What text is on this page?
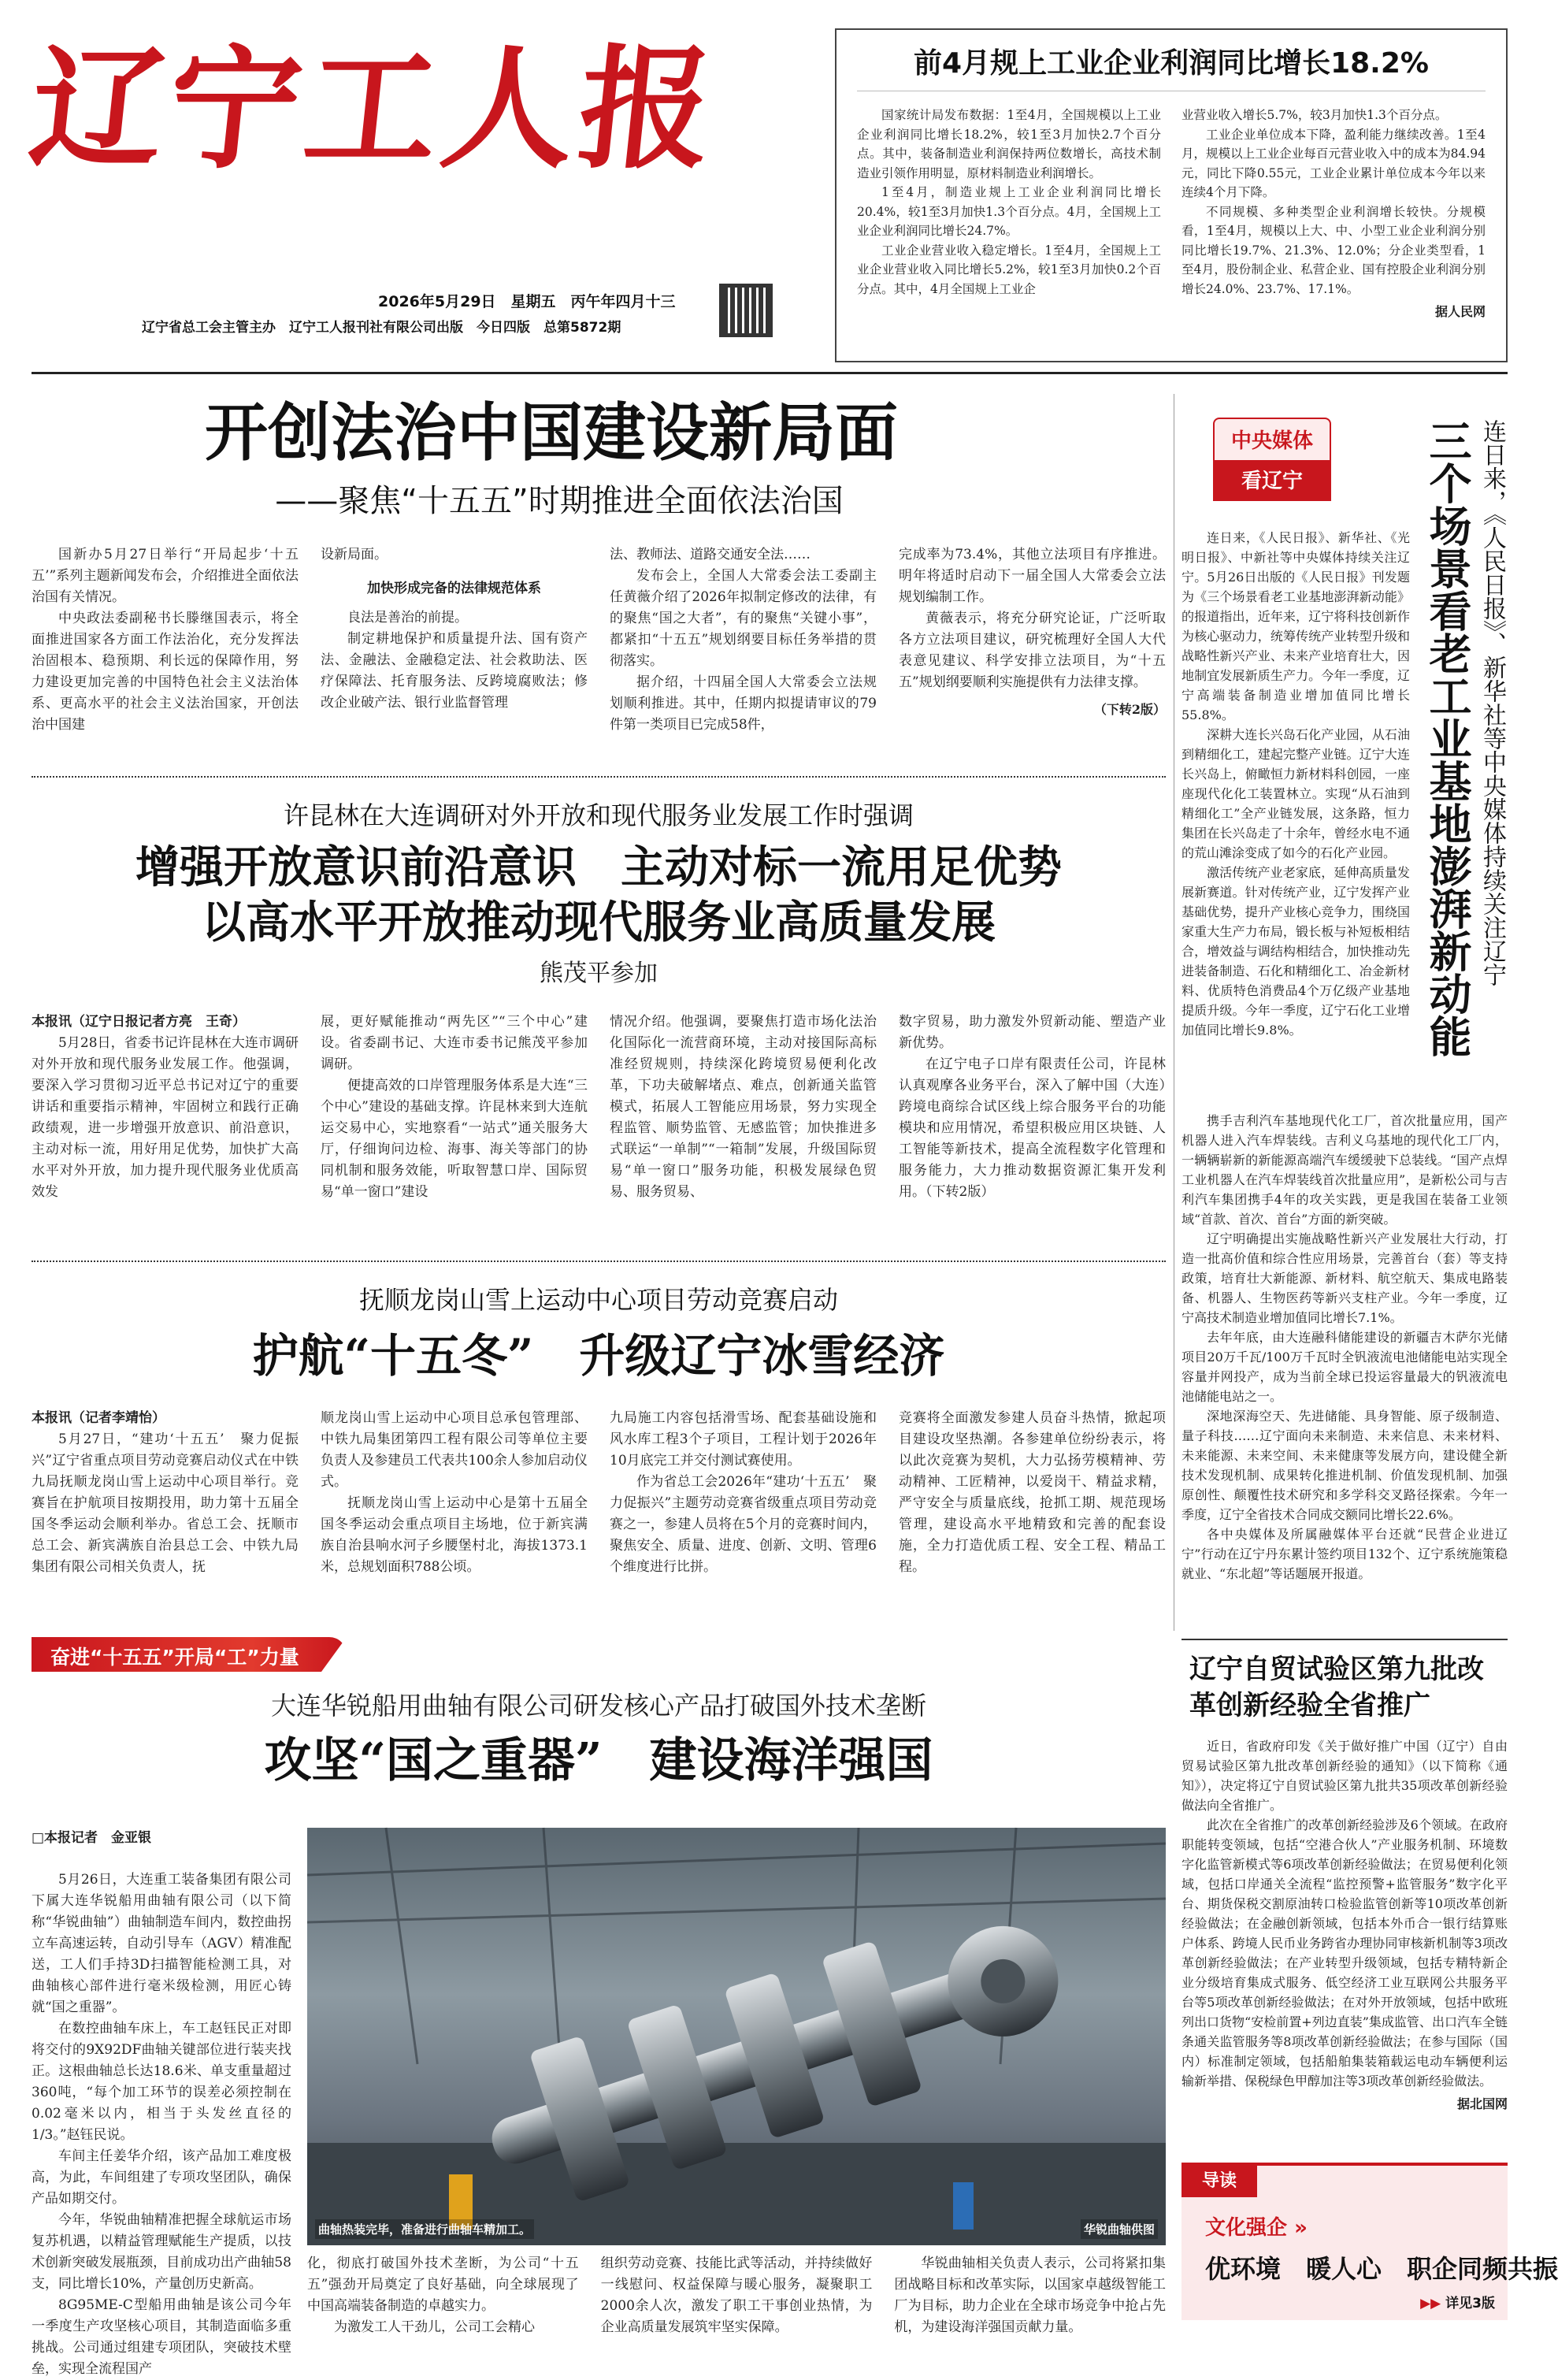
辽宁工人报
2026年5月29日　星期五　丙午年四月十三
辽宁省总工会主管主办　辽宁工人报刊社有限公司出版　今日四版　总第5872期
前4月规上工业企业利润同比增长18.2%

国家统计局发布数据：1至4月，全国规模以上工业企业利润同比增长18.2%，较1至3月加快2.7个百分点。其中，装备制造业利润保持两位数增长，高技术制造业引领作用明显，原材料制造业利润增长。

1至4月，制造业规上工业企业利润同比增长20.4%，较1至3月加快1.3个百分点。4月，全国规上工业企业利润同比增长24.7%。

工业企业营业收入稳定增长。1至4月，全国规上工业企业营业收入同比增长5.2%，较1至3月加快0.2个百分点。其中，4月全国规上工业企

业营业收入增长5.7%，较3月加快1.3个百分点。

工业企业单位成本下降，盈利能力继续改善。1至4月，规模以上工业企业每百元营业收入中的成本为84.94元，同比下降0.55元，工业企业累计单位成本今年以来连续4个月下降。

不同规模、多种类型企业利润增长较快。分规模看，1至4月，规模以上大、中、小型工业企业利润分别同比增长19.7%、21.3%、12.0%；分企业类型看，1至4月，股份制企业、私营企业、国有控股企业利润分别增长24.0%、23.7%、17.1%。

据人民网

开创法治中国建设新局面
——聚焦“十五五”时期推进全面依法治国

国新办5月27日举行“开局起步‘十五五’”系列主题新闻发布会，介绍推进全面依法治国有关情况。

中央政法委副秘书长滕继国表示，将全面推进国家各方面工作法治化，充分发挥法治固根本、稳预期、利长远的保障作用，努力建设更加完善的中国特色社会主义法治体系、更高水平的社会主义法治国家，开创法治中国建

设新局面。

加快形成完备的法律规范体系

良法是善治的前提。

制定耕地保护和质量提升法、国有资产法、金融法、金融稳定法、社会救助法、医疗保障法、托育服务法、反跨境腐败法；修改企业破产法、银行业监督管理

法、教师法、道路交通安全法……

发布会上，全国人大常委会法工委副主任黄薇介绍了2026年拟制定修改的法律，有的聚焦“国之大者”，有的聚焦“关键小事”，都紧扣“十五五”规划纲要目标任务举措的贯彻落实。

据介绍，十四届全国人大常委会立法规划顺利推进。其中，任期内拟提请审议的79件第一类项目已完成58件，

完成率为73.4%，其他立法项目有序推进。明年将适时启动下一届全国人大常委会立法规划编制工作。

黄薇表示，将充分研究论证，广泛听取各方立法项目建议，研究梳理好全国人大代表意见建议、科学安排立法项目，为“十五五”规划纲要顺利实施提供有力法律支撑。

（下转2版）

许昆林在大连调研对外开放和现代服务业发展工作时强调
增强开放意识前沿意识　主动对标一流用足优势
以高水平开放推动现代服务业高质量发展
熊茂平参加

本报讯（辽宁日报记者方亮　王奇）

5月28日，省委书记许昆林在大连市调研对外开放和现代服务业发展工作。他强调，要深入学习贯彻习近平总书记对辽宁的重要讲话和重要指示精神，牢固树立和践行正确政绩观，进一步增强开放意识、前沿意识，主动对标一流，用好用足优势，加快扩大高水平对外开放，加力提升现代服务业优质高效发

展，更好赋能推动“两先区”“三个中心”建设。省委副书记、大连市委书记熊茂平参加调研。

便捷高效的口岸管理服务体系是大连“三个中心”建设的基础支撑。许昆林来到大连航运交易中心，实地察看“一站式”通关服务大厅，仔细询问边检、海事、海关等部门的协同机制和服务效能，听取智慧口岸、国际贸易“单一窗口”建设

情况介绍。他强调，要聚焦打造市场化法治化国际化一流营商环境，主动对接国际高标准经贸规则，持续深化跨境贸易便利化改革，下功夫破解堵点、难点，创新通关监管模式，拓展人工智能应用场景，努力实现全程监管、顺势监管、无感监管；加快推进多式联运“一单制”“一箱制”发展，升级国际贸易“单一窗口”服务功能，积极发展绿色贸易、服务贸易、

数字贸易，助力激发外贸新动能、塑造产业新优势。

在辽宁电子口岸有限责任公司，许昆林认真观摩各业务平台，深入了解中国（大连）跨境电商综合试区线上综合服务平台的功能模块和应用情况，希望积极应用区块链、人工智能等新技术，提高全流程数字化管理和服务能力，大力推动数据资源汇集开发利用。（下转2版）

抚顺龙岗山雪上运动中心项目劳动竞赛启动
护航“十五冬”　升级辽宁冰雪经济

本报讯（记者李靖怡）

5月27日，“建功‘十五五’　聚力促振兴”辽宁省重点项目劳动竞赛启动仪式在中铁九局抚顺龙岗山雪上运动中心项目举行。竞赛旨在护航项目按期投用，助力第十五届全国冬季运动会顺利举办。省总工会、抚顺市总工会、新宾满族自治县总工会、中铁九局集团有限公司相关负责人，抚

顺龙岗山雪上运动中心项目总承包管理部、中铁九局集团第四工程有限公司等单位主要负责人及参建员工代表共100余人参加启动仪式。

抚顺龙岗山雪上运动中心是第十五届全国冬季运动会重点项目主场地，位于新宾满族自治县响水河子乡腰堡村北，海拔1373.1米，总规划面积788公顷。

九局施工内容包括滑雪场、配套基础设施和风水库工程3个子项目，工程计划于2026年10月底完工并交付测试赛使用。

作为省总工会2026年“建功‘十五五’　聚力促振兴”主题劳动竞赛省级重点项目劳动竞赛之一，参建人员将在5个月的竞赛时间内，聚焦安全、质量、进度、创新、文明、管理6个维度进行比拼。

竞赛将全面激发参建人员奋斗热情，掀起项目建设攻坚热潮。各参建单位纷纷表示，将以此次竞赛为契机，大力弘扬劳模精神、劳动精神、工匠精神，以爱岗干、精益求精，严守安全与质量底线，抢抓工期、规范现场管理，建设高水平地精致和完善的配套设施，全力打造优质工程、安全工程、精品工程。

奋进“十五五”开局“工”力量
大连华锐船用曲轴有限公司研发核心产品打破国外技术垄断
攻坚“国之重器”　建设海洋强国

□本报记者　金亚银

5月26日，大连重工装备集团有限公司下属大连华锐船用曲轴有限公司（以下简称“华锐曲轴”）曲轴制造车间内，数控曲拐立车高速运转，自动引导车（AGV）精准配送，工人们手持3D扫描智能检测工具，对曲轴核心部件进行毫米级检测，用匠心铸就“国之重器”。

在数控曲轴车床上，车工赵钰民正对即将交付的9X92DF曲轴关键部位进行装夹找正。这根曲轴总长达18.6米、单支重量超过360吨，“每个加工环节的误差必须控制在0.02毫米以内，相当于头发丝直径的1/3。”赵钰民说。

车间主任姜华介绍，该产品加工难度极高，为此，车间组建了专项攻坚团队，确保产品如期交付。

今年，华锐曲轴精准把握全球航运市场复苏机遇，以精益管理赋能生产提质，以技术创新突破发展瓶颈，目前成功出产曲轴58支，同比增长10%，产量创历史新高。

8G95ME-C型船用曲轴是该公司今年一季度生产攻坚核心项目，其制造面临多重挑战。公司通过组建专项团队，突破技术壁垒，实现全流程国产

曲轴热装完毕，准备进行曲轴车精加工。	华锐曲轴供图

化，彻底打破国外技术垄断，为公司“十五五”强劲开局奠定了良好基础，向全球展现了中国高端装备制造的卓越实力。

为激发工人干劲儿，公司工会精心

组织劳动竞赛、技能比武等活动，并持续做好一线慰问、权益保障与暖心服务，凝聚职工2000余人次，激发了职工干事创业热情，为企业高质量发展筑牢坚实保障。

华锐曲轴相关负责人表示，公司将紧扣集团战略目标和改革实际，以国家卓越级智能工厂为目标，助力企业在全球市场竞争中抢占先机，为建设海洋强国贡献力量。

中央媒体
看辽宁	连日来，《人民日报》、新华社等中央媒体持续关注辽宁
三个场景看老工业基地澎湃新动能

连日来，《人民日报》、新华社、《光明日报》、中新社等中央媒体持续关注辽宁。5月26日出版的《人民日报》刊发题为《三个场景看老工业基地澎湃新动能》的报道指出，近年来，辽宁将科技创新作为核心驱动力，统筹传统产业转型升级和战略性新兴产业、未来产业培育壮大，因地制宜发展新质生产力。今年一季度，辽宁高端装备制造业增加值同比增长55.8%。

深耕大连长兴岛石化产业园，从石油到精细化工，建起完整产业链。辽宁大连长兴岛上，俯瞰恒力新材料科创园，一座座现代化化工装置林立。实现“从石油到精细化工”全产业链发展，这条路，恒力集团在长兴岛走了十余年，曾经水电不通的荒山滩涂变成了如今的石化产业园。

激活传统产业老家底，延伸高质量发展新赛道。针对传统产业，辽宁发挥产业基础优势，提升产业核心竞争力，围绕国家重大生产力布局，锻长板与补短板相结合，增效益与调结构相结合，加快推动先进装备制造、石化和精细化工、冶金新材料、优质特色消费品4个万亿级产业基地提质升级。今年一季度，辽宁石化工业增加值同比增长9.8%。

携手吉利汽车基地现代化工厂，首次批量应用，国产机器人进入汽车焊装线。吉利义乌基地的现代化工厂内，一辆辆崭新的新能源高端汽车缓缓驶下总装线。“国产点焊工业机器人在汽车焊装线首次批量应用”，是新松公司与吉利汽车集团携手4年的攻关实践，更是我国在装备工业领域“首款、首次、首台”方面的新突破。

辽宁明确提出实施战略性新兴产业发展壮大行动，打造一批高价值和综合性应用场景，完善首台（套）等支持政策，培育壮大新能源、新材料、航空航天、集成电路装备、机器人、生物医药等新兴支柱产业。今年一季度，辽宁高技术制造业增加值同比增长7.1%。

去年年底，由大连融科储能建设的新疆吉木萨尔光储项目20万千瓦/100万千瓦时全钒液流电池储能电站实现全容量并网投产，成为当前全球已投运容量最大的钒液流电池储能电站之一。

深地深海空天、先进储能、具身智能、原子级制造、量子科技……辽宁面向未来制造、未来信息、未来材料、未来能源、未来空间、未来健康等发展方向，建设健全新技术发现机制、成果转化推进机制、价值发现机制、加强原创性、颠覆性技术研究和多学科交叉路径探索。今年一季度，辽宁全省技术合同成交额同比增长22.6%。

各中央媒体及所属融媒体平台还就“民营企业进辽宁”行动在辽宁丹东累计签约项目132个、辽宁系统施策稳就业、“东北超”等话题展开报道。

辽宁自贸试验区第九批改革创新经验全省推广

近日，省政府印发《关于做好推广中国（辽宁）自由贸易试验区第九批改革创新经验的通知》（以下简称《通知》），决定将辽宁自贸试验区第九批共35项改革创新经验做法向全省推广。

此次在全省推广的改革创新经验涉及6个领域。在政府职能转变领域，包括“空港合伙人”产业服务机制、环境数字化监管新模式等6项改革创新经验做法；在贸易便利化领域，包括口岸通关全流程“监控预警+监管服务”数字化平台、期货保税交割原油转口检验监管创新等10项改革创新经验做法；在金融创新领域，包括本外币合一银行结算账户体系、跨境人民币业务跨省办理协同审核新机制等3项改革创新经验做法；在产业转型升级领域，包括专精特新企业分级培育集成式服务、低空经济工业互联网公共服务平台等5项改革创新经验做法；在对外开放领域，包括中欧班列出口货物“安检前置+列边直装”集成监管、出口汽车全链条通关监管服务等8项改革创新经验做法；在参与国际（国内）标准制定领域，包括船舶集装箱载运电动车辆便利运输新举措、保税绿色甲醇加注等3项改革创新经验做法。

据北国网

导读
文化强企 »
优环境　暖人心　职企同频共振
▶▶ 详见3版
